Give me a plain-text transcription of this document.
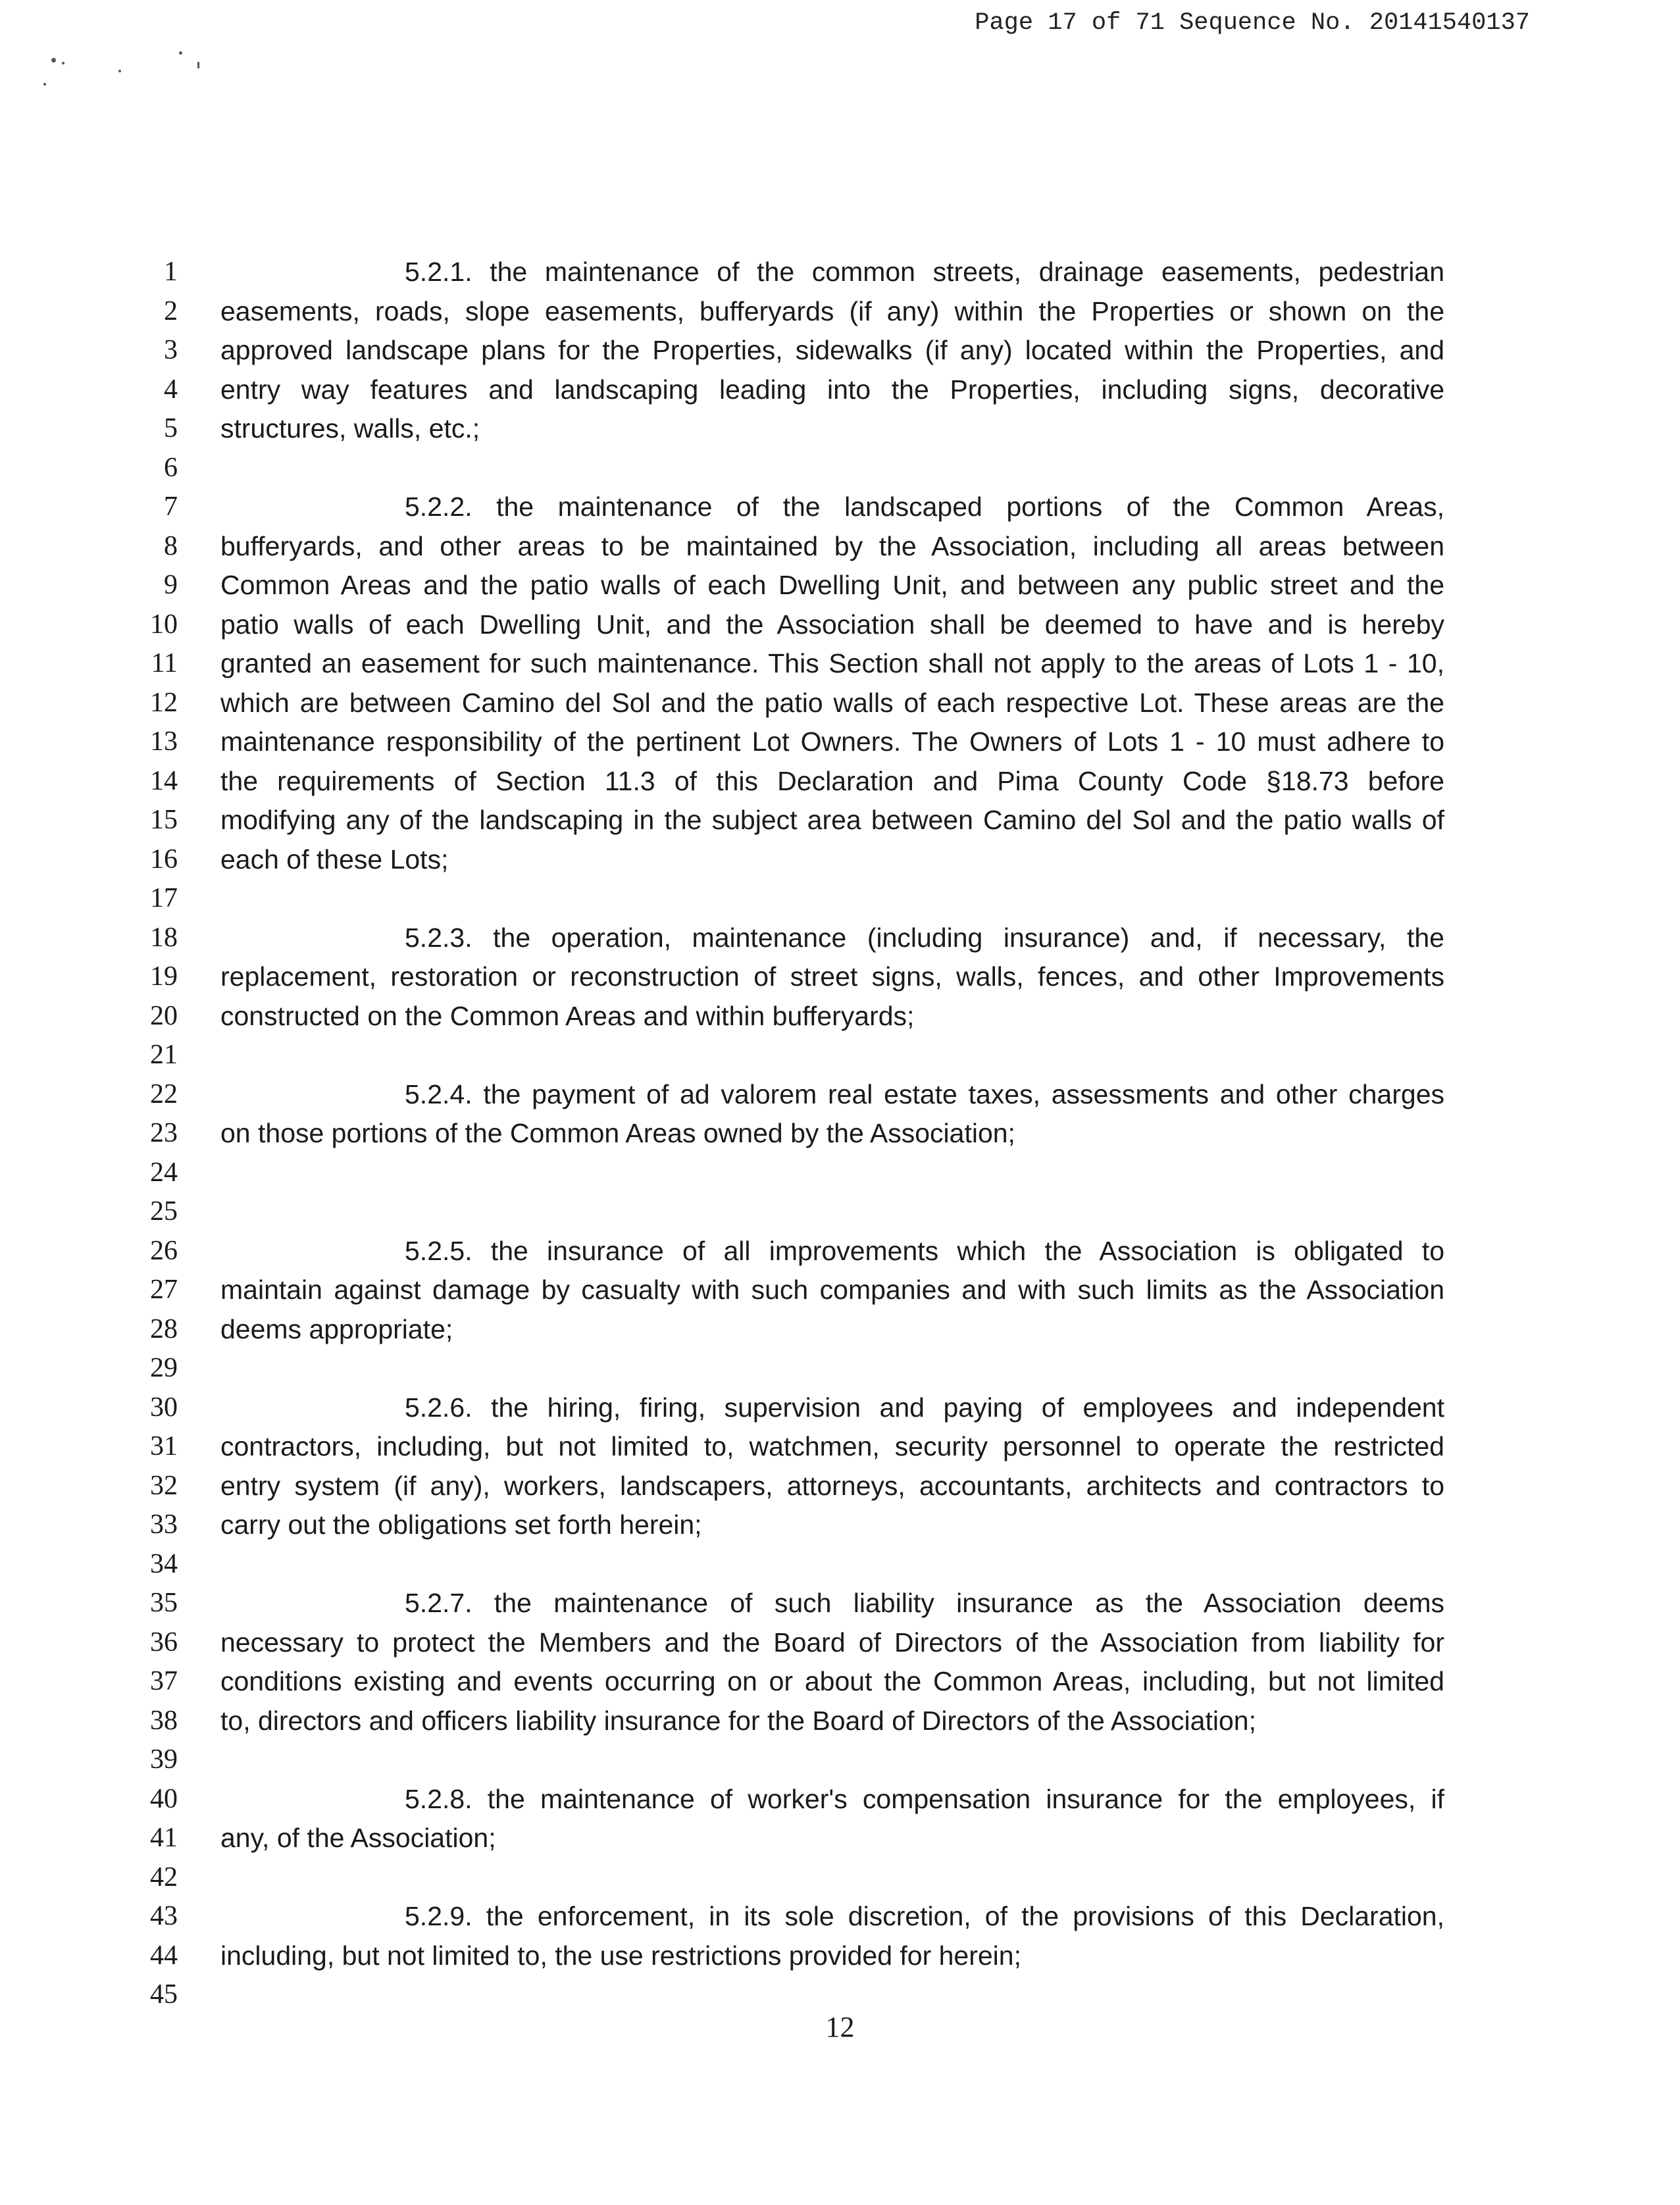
Page 17 of 71 Sequence No. 20141540137
1
2
3
4
5
6
7
8
9
10
11
12
13
14
15
16
17
18
19
20
21
22
23
24
25
26
27
28
29
30
31
32
33
34
35
36
37
38
39
40
41
42
43
44
45
5.2.1. the maintenance of the common streets, drainage easements, pedestrian
easements, roads, slope easements, bufferyards (if any) within the Properties or shown on the
approved landscape plans for the Properties, sidewalks (if any) located within the Properties, and
entry way features and landscaping leading into the Properties, including signs, decorative
structures, walls, etc.;
5.2.2. the maintenance of the landscaped portions of the Common Areas,
bufferyards, and other areas to be maintained by the Association, including all areas between
Common Areas and the patio walls of each Dwelling Unit, and between any public street and the
patio walls of each Dwelling Unit, and the Association shall be deemed to have and is hereby
granted an easement for such maintenance. This Section shall not apply to the areas of Lots 1 - 10,
which are between Camino del Sol and the patio walls of each respective Lot. These areas are the
maintenance responsibility of the pertinent Lot Owners. The Owners of Lots 1 - 10 must adhere to
the requirements of Section 11.3 of this Declaration and Pima County Code §18.73 before
modifying any of the landscaping in the subject area between Camino del Sol and the patio walls of
each of these Lots;
5.2.3. the operation, maintenance (including insurance) and, if necessary, the
replacement, restoration or reconstruction of street signs, walls, fences, and other Improvements
constructed on the Common Areas and within bufferyards;
5.2.4. the payment of ad valorem real estate taxes, assessments and other charges
on those portions of the Common Areas owned by the Association;
5.2.5. the insurance of all improvements which the Association is obligated to
maintain against damage by casualty with such companies and with such limits as the Association
deems appropriate;
5.2.6. the hiring, firing, supervision and paying of employees and independent
contractors, including, but not limited to, watchmen, security personnel to operate the restricted
entry system (if any), workers, landscapers, attorneys, accountants, architects and contractors to
carry out the obligations set forth herein;
5.2.7. the maintenance of such liability insurance as the Association deems
necessary to protect the Members and the Board of Directors of the Association from liability for
conditions existing and events occurring on or about the Common Areas, including, but not limited
to, directors and officers liability insurance for the Board of Directors of the Association;
5.2.8. the maintenance of worker's compensation insurance for the employees, if
any, of the Association;
5.2.9. the enforcement, in its sole discretion, of the provisions of this Declaration,
including, but not limited to, the use restrictions provided for herein;
12
